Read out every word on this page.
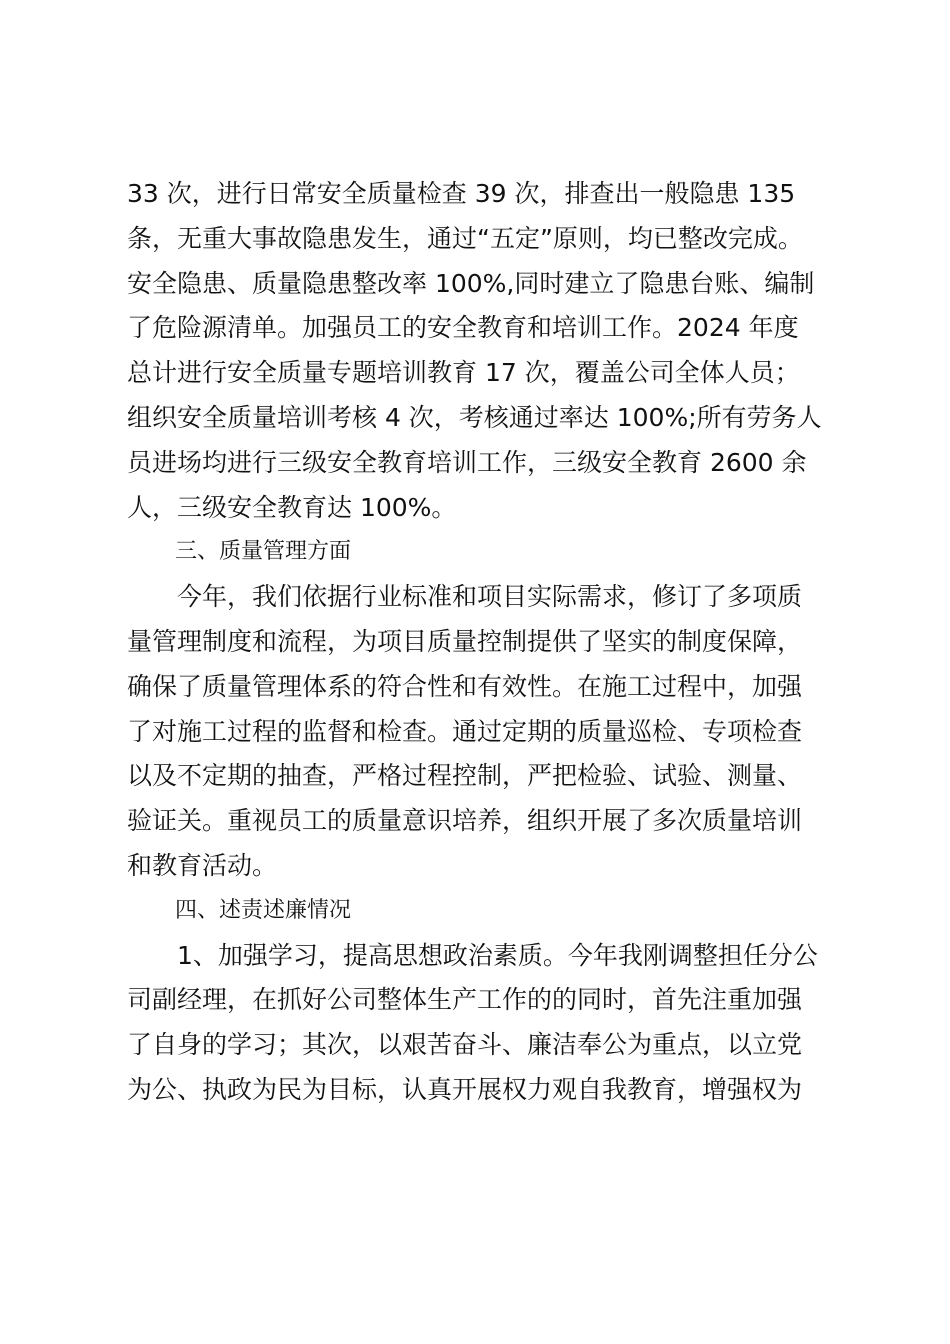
33 次，进行日常安全质量检查 39 次，排查出一般隐患 135
条，无重大事故隐患发生，通过“五定”原则，均已整改完成。
安全隐患、质量隐患整改率 100%,同时建立了隐患台账、编制
了危险源清单。加强员工的安全教育和培训工作。2024 年度
总计进行安全质量专题培训教育 17 次，覆盖公司全体人员；
组织安全质量培训考核 4 次，考核通过率达 100%;所有劳务人
员进场均进行三级安全教育培训工作，三级安全教育 2600 余
人，三级安全教育达 100%。
三、质量管理方面
今年，我们依据行业标准和项目实际需求，修订了多项质
量管理制度和流程，为项目质量控制提供了坚实的制度保障，
确保了质量管理体系的符合性和有效性。在施工过程中，加强
了对施工过程的监督和检查。通过定期的质量巡检、专项检查
以及不定期的抽查，严格过程控制，严把检验、试验、测量、
验证关。重视员工的质量意识培养，组织开展了多次质量培训
和教育活动。
四、述责述廉情况
1、加强学习，提高思想政治素质。今年我刚调整担任分公
司副经理，在抓好公司整体生产工作的的同时，首先注重加强
了自身的学习；其次，以艰苦奋斗、廉洁奉公为重点，以立党
为公、执政为民为目标，认真开展权力观自我教育，增强权为
